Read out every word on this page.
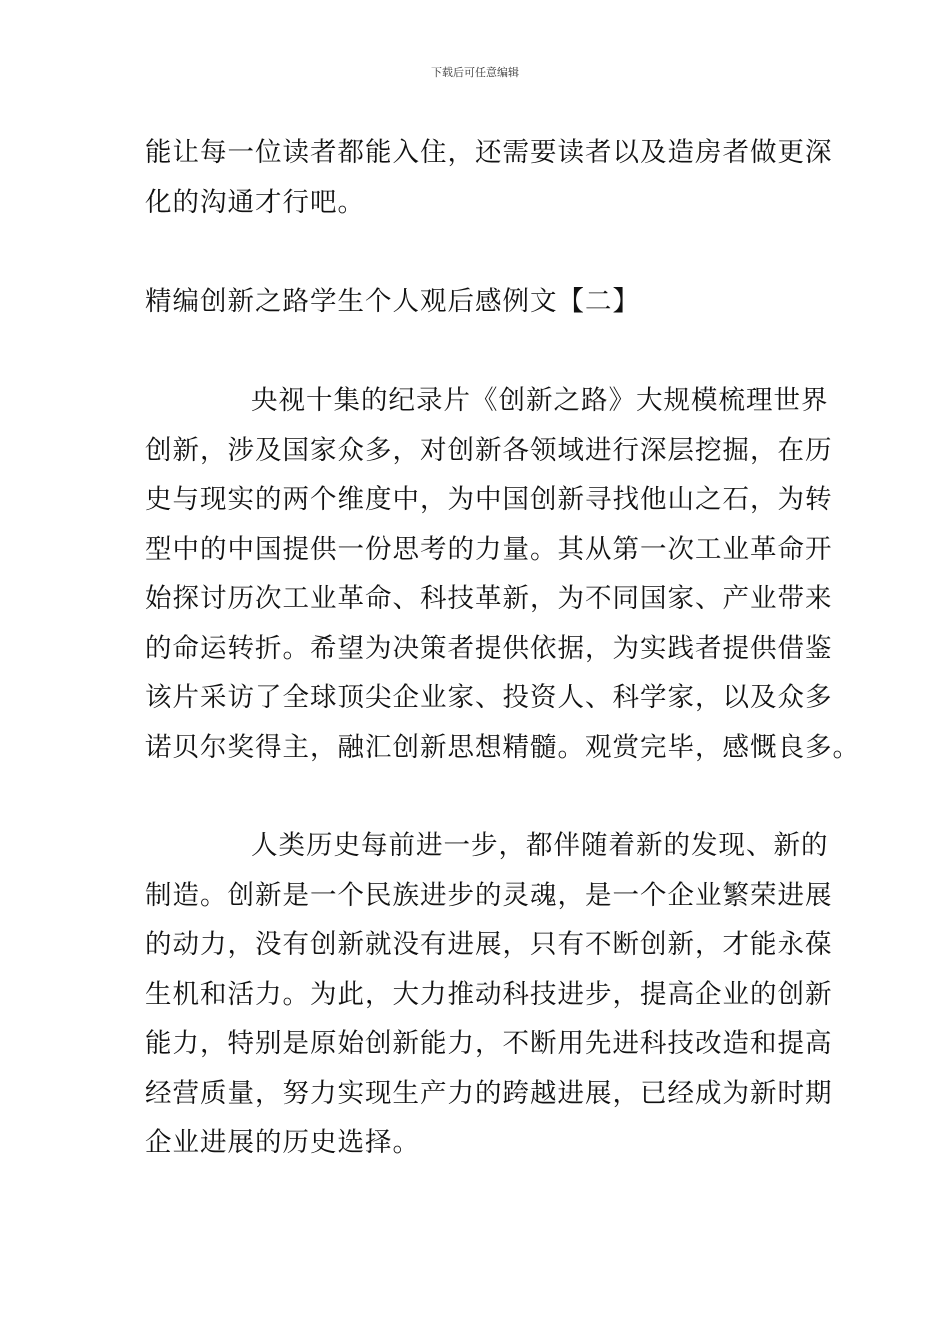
下载后可任意编辑
能让每一位读者都能入住，还需要读者以及造房者做更深
化的沟通才行吧。
精编创新之路学生个人观后感例文【二】
央视十集的纪录片《创新之路》大规模梳理世界
创新，涉及国家众多，对创新各领域进行深层挖掘，在历
史与现实的两个维度中，为中国创新寻找他山之石，为转
型中的中国提供一份思考的力量。其从第一次工业革命开
始探讨历次工业革命、科技革新，为不同国家、产业带来
的命运转折。希望为决策者提供依据，为实践者提供借鉴
该片采访了全球顶尖企业家、投资人、科学家，以及众多
诺贝尔奖得主，融汇创新思想精髓。观赏完毕，感慨良多。
人类历史每前进一步，都伴随着新的发现、新的
制造。创新是一个民族进步的灵魂，是一个企业繁荣进展
的动力，没有创新就没有进展，只有不断创新，才能永葆
生机和活力。为此，大力推动科技进步，提高企业的创新
能力，特别是原始创新能力，不断用先进科技改造和提高
经营质量，努力实现生产力的跨越进展，已经成为新时期
企业进展的历史选择。
